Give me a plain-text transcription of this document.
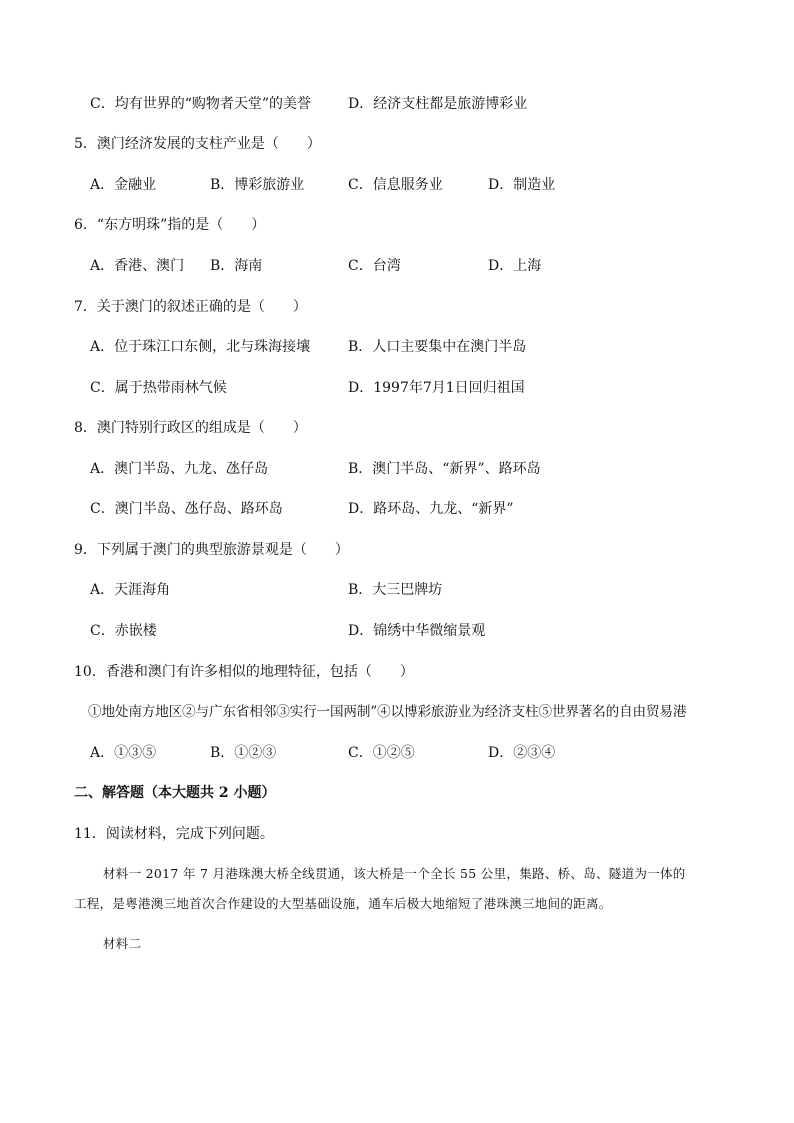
C．均有世界的“购物者天堂”的美誉	D．经济支柱都是旅游博彩业
5．澳门经济发展的支柱产业是（　　）
A．金融业	B．博彩旅游业	C．信息服务业	D．制造业
6．“东方明珠”指的是（　　）
A．香港、澳门 B．海南	C．台湾	D．上海
7．关于澳门的叙述正确的是（　　）
A．位于珠江口东侧，北与珠海接壤	B．人口主要集中在澳门半岛
C．属于热带雨林气候	D．1997年7月1日回归祖国
8．澳门特别行政区的组成是（　　）
A．澳门半岛、九龙、氹仔岛	B．澳门半岛、“新界”、路环岛
C．澳门半岛、氹仔岛、路环岛	D．路环岛、九龙、“新界”
9．下列属于澳门的典型旅游景观是（　　）
A．天涯海角	B．大三巴牌坊
C．赤嵌楼	D．锦绣中华微缩景观
10．香港和澳门有许多相似的地理特征，包括（　　）
①地处南方地区②与广东省相邻③实行一国两制”④以博彩旅游业为经济支柱⑤世界著名的自由贸易港
A．①③⑤	B．①②③	C．①②⑤	D．②③④
二、解答题（本大题共 2 小题）
11．阅读材料，完成下列问题。
材料一 2017 年 7 月港珠澳大桥全线贯通，该大桥是一个全长 55 公里，集路、桥、岛、隧道为一体的
工程，是粤港澳三地首次合作建设的大型基础设施，通车后极大地缩短了港珠澳三地间的距离。
材料二
